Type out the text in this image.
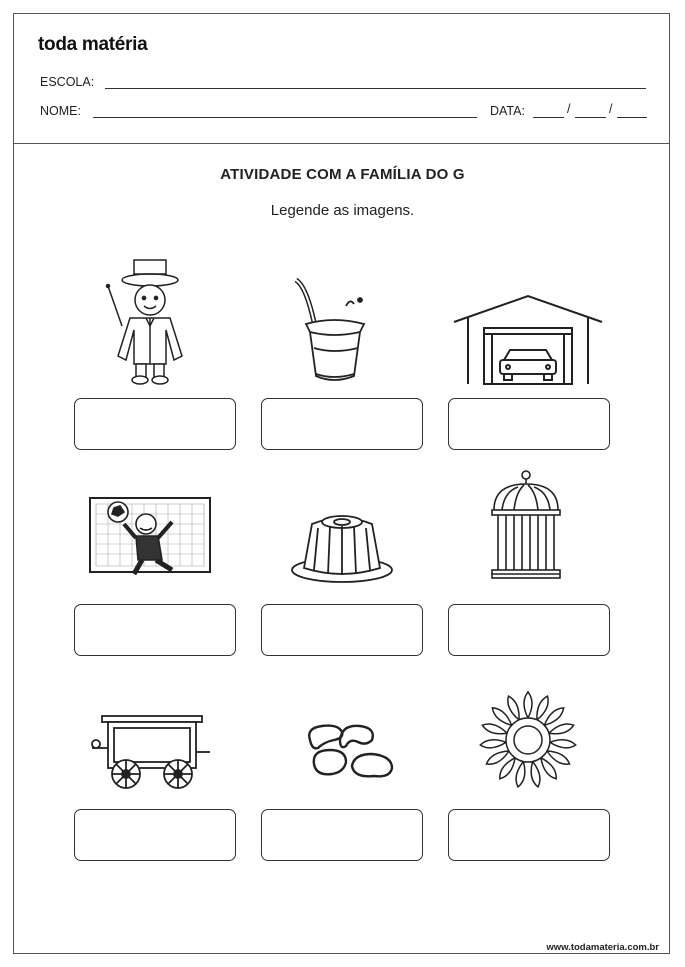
toda matéria
ESCOLA:
NOME:	DATA:	/	/
ATIVIDADE COM A FAMÍLIA DO G
Legende as imagens.
www.todamateria.com.br
